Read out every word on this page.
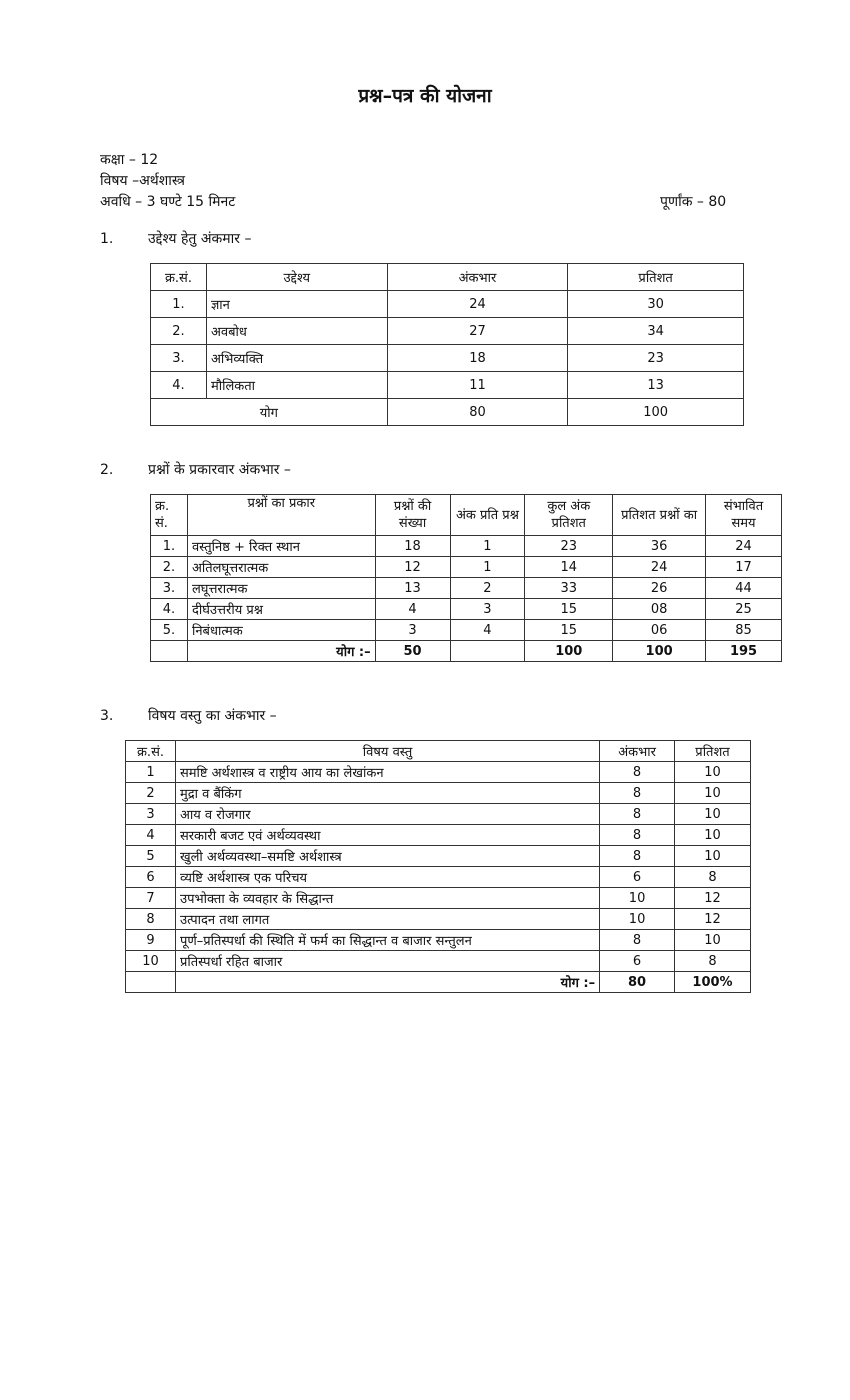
प्रश्न–पत्र की योजना
कक्षा – 12
विषय –अर्थशास्त्र
अवधि – 3 घण्टे 15 मिनट	पूर्णांक – 80
1. उद्देश्य हेतु अंकमार –
क्र.सं.	उद्देश्य	अंकभार	प्रतिशत
1.	ज्ञान	24	30
2.	अवबोध	27	34
3.	अभिव्यक्ति	18	23
4.	मौलिकता	11	13
योग		80	100
2. प्रश्नों के प्रकारवार अंकभार –
क्र. सं.	प्रश्नों का प्रकार	प्रश्नों की संख्या	अंक प्रति प्रश्न	कुल अंक प्रतिशत	प्रतिशत प्रश्नों का	संभावित समय
1.	वस्तुनिष्ठ + रिक्त स्थान	18	1	23	36	24
2.	अतिलघूत्तरात्मक	12	1	14	24	17
3.	लघूत्तरात्मक	13	2	33	26	44
4.	दीर्घउत्तरीय प्रश्न	4	3	15	08	25
5.	निबंधात्मक	3	4	15	06	85
	योग :–	50		100	100	195
3. विषय वस्तु का अंकभार –
क्र.सं.	विषय वस्तु	अंकभार	प्रतिशत
1	समष्टि अर्थशास्त्र व राष्ट्रीय आय का लेखांकन	8	10
2	मुद्रा व बैंकिंग	8	10
3	आय व रोजगार	8	10
4	सरकारी बजट एवं अर्थव्यवस्था	8	10
5	खुली अर्थव्यवस्था–समष्टि अर्थशास्त्र	8	10
6	व्यष्टि अर्थशास्त्र एक परिचय	6	8
7	उपभोक्ता के व्यवहार के सिद्धान्त	10	12
8	उत्पादन तथा लागत	10	12
9	पूर्ण–प्रतिस्पर्धा की स्थिति में फर्म का सिद्धान्त व बाजार सन्तुलन	8	10
10	प्रतिस्पर्धा रहित बाजार	6	8
	योग :–	80	100%
